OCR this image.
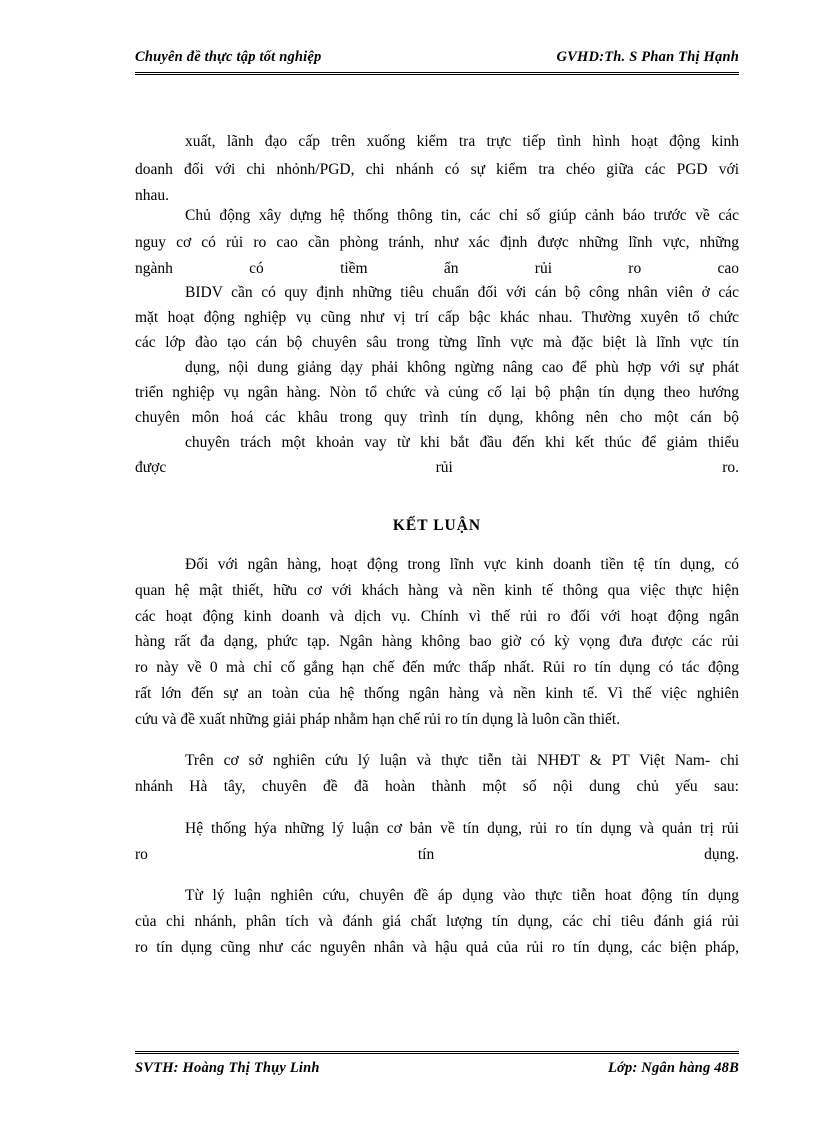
Chuyên đề thực tập tốt nghiệp	GVHD:Th. S Phan Thị Hạnh
xuất, lãnh đạo cấp trên xuống kiểm tra trực tiếp tình hình hoạt động kinh
doanh đối với chi nhỏnh/PGD, chi nhánh có sự kiểm tra chéo giữa các PGD với
nhau.
Chủ động xây dựng hệ thống thông tin, các chỉ số giúp cảnh báo trước về các
nguy cơ có rủi ro cao cần phòng tránh, như xác định được những lĩnh vực, những
ngành có tiềm ẩn rủi ro cao
BIDV cần có quy định những tiêu chuẩn đối với cán bộ công nhân viên ở các
mặt hoạt động nghiệp vụ cũng như vị trí cấp bậc khác nhau. Thường xuyên tổ chức
các lớp đào tạo cán bộ chuyên sâu trong từng lĩnh vực mà đặc biệt là lĩnh vực tín
dụng, nội dung giảng dạy phải không ngừng nâng cao để phù hợp với sự phát
triển nghiệp vụ ngân hàng. Nòn tổ chức và củng cố lại bộ phận tín dụng theo hướng
chuyên môn hoá các khâu trong quy trình tín dụng, không nên cho một cán bộ
chuyên trách một khoản vay từ khi bắt đầu đến khi kết thúc để giảm thiểu
được rủi ro.
KẾT LUẬN
Đối với ngân hàng, hoạt động trong lĩnh vực kinh doanh tiền tệ tín dụng, có
quan hệ mật thiết, hữu cơ với khách hàng và nền kinh tế thông qua việc thực hiện
các hoạt động kinh doanh và dịch vụ. Chính vì thế rủi ro đối với hoạt động ngân
hàng rất đa dạng, phức tạp. Ngân hàng không bao giờ có kỳ vọng đưa được các rủi
ro này về 0 mà chỉ cố gắng hạn chế đến mức thấp nhất. Rủi ro tín dụng có tác động
rất lớn đến sự an toàn của hệ thống ngân hàng và nền kinh tế. Vì thế việc nghiên
cứu và đề xuất những giải pháp nhằm hạn chế rủi ro tín dụng là luôn cần thiết.
Trên cơ sở nghiên cứu lý luận và thực tiễn tài NHĐT & PT Việt Nam- chi
nhánh Hà tây, chuyên đề đã hoàn thành một số nội dung chủ yếu sau:
Hệ thống hýa những lý luận cơ bản về tín dụng, rủi ro tín dụng và quản trị rủi
ro tín dụng.
Từ lý luận nghiên cứu, chuyên đề áp dụng vào thực tiễn hoat động tín dụng
của chi nhánh, phân tích và đánh giá chất lượng tín dụng, các chỉ tiêu đánh giá rủi
ro tín dụng cũng như các nguyên nhân và hậu quả của rủi ro tín dụng, các biện pháp,
SVTH: Hoàng Thị Thụy Linh	Lớp: Ngân hàng 48B
